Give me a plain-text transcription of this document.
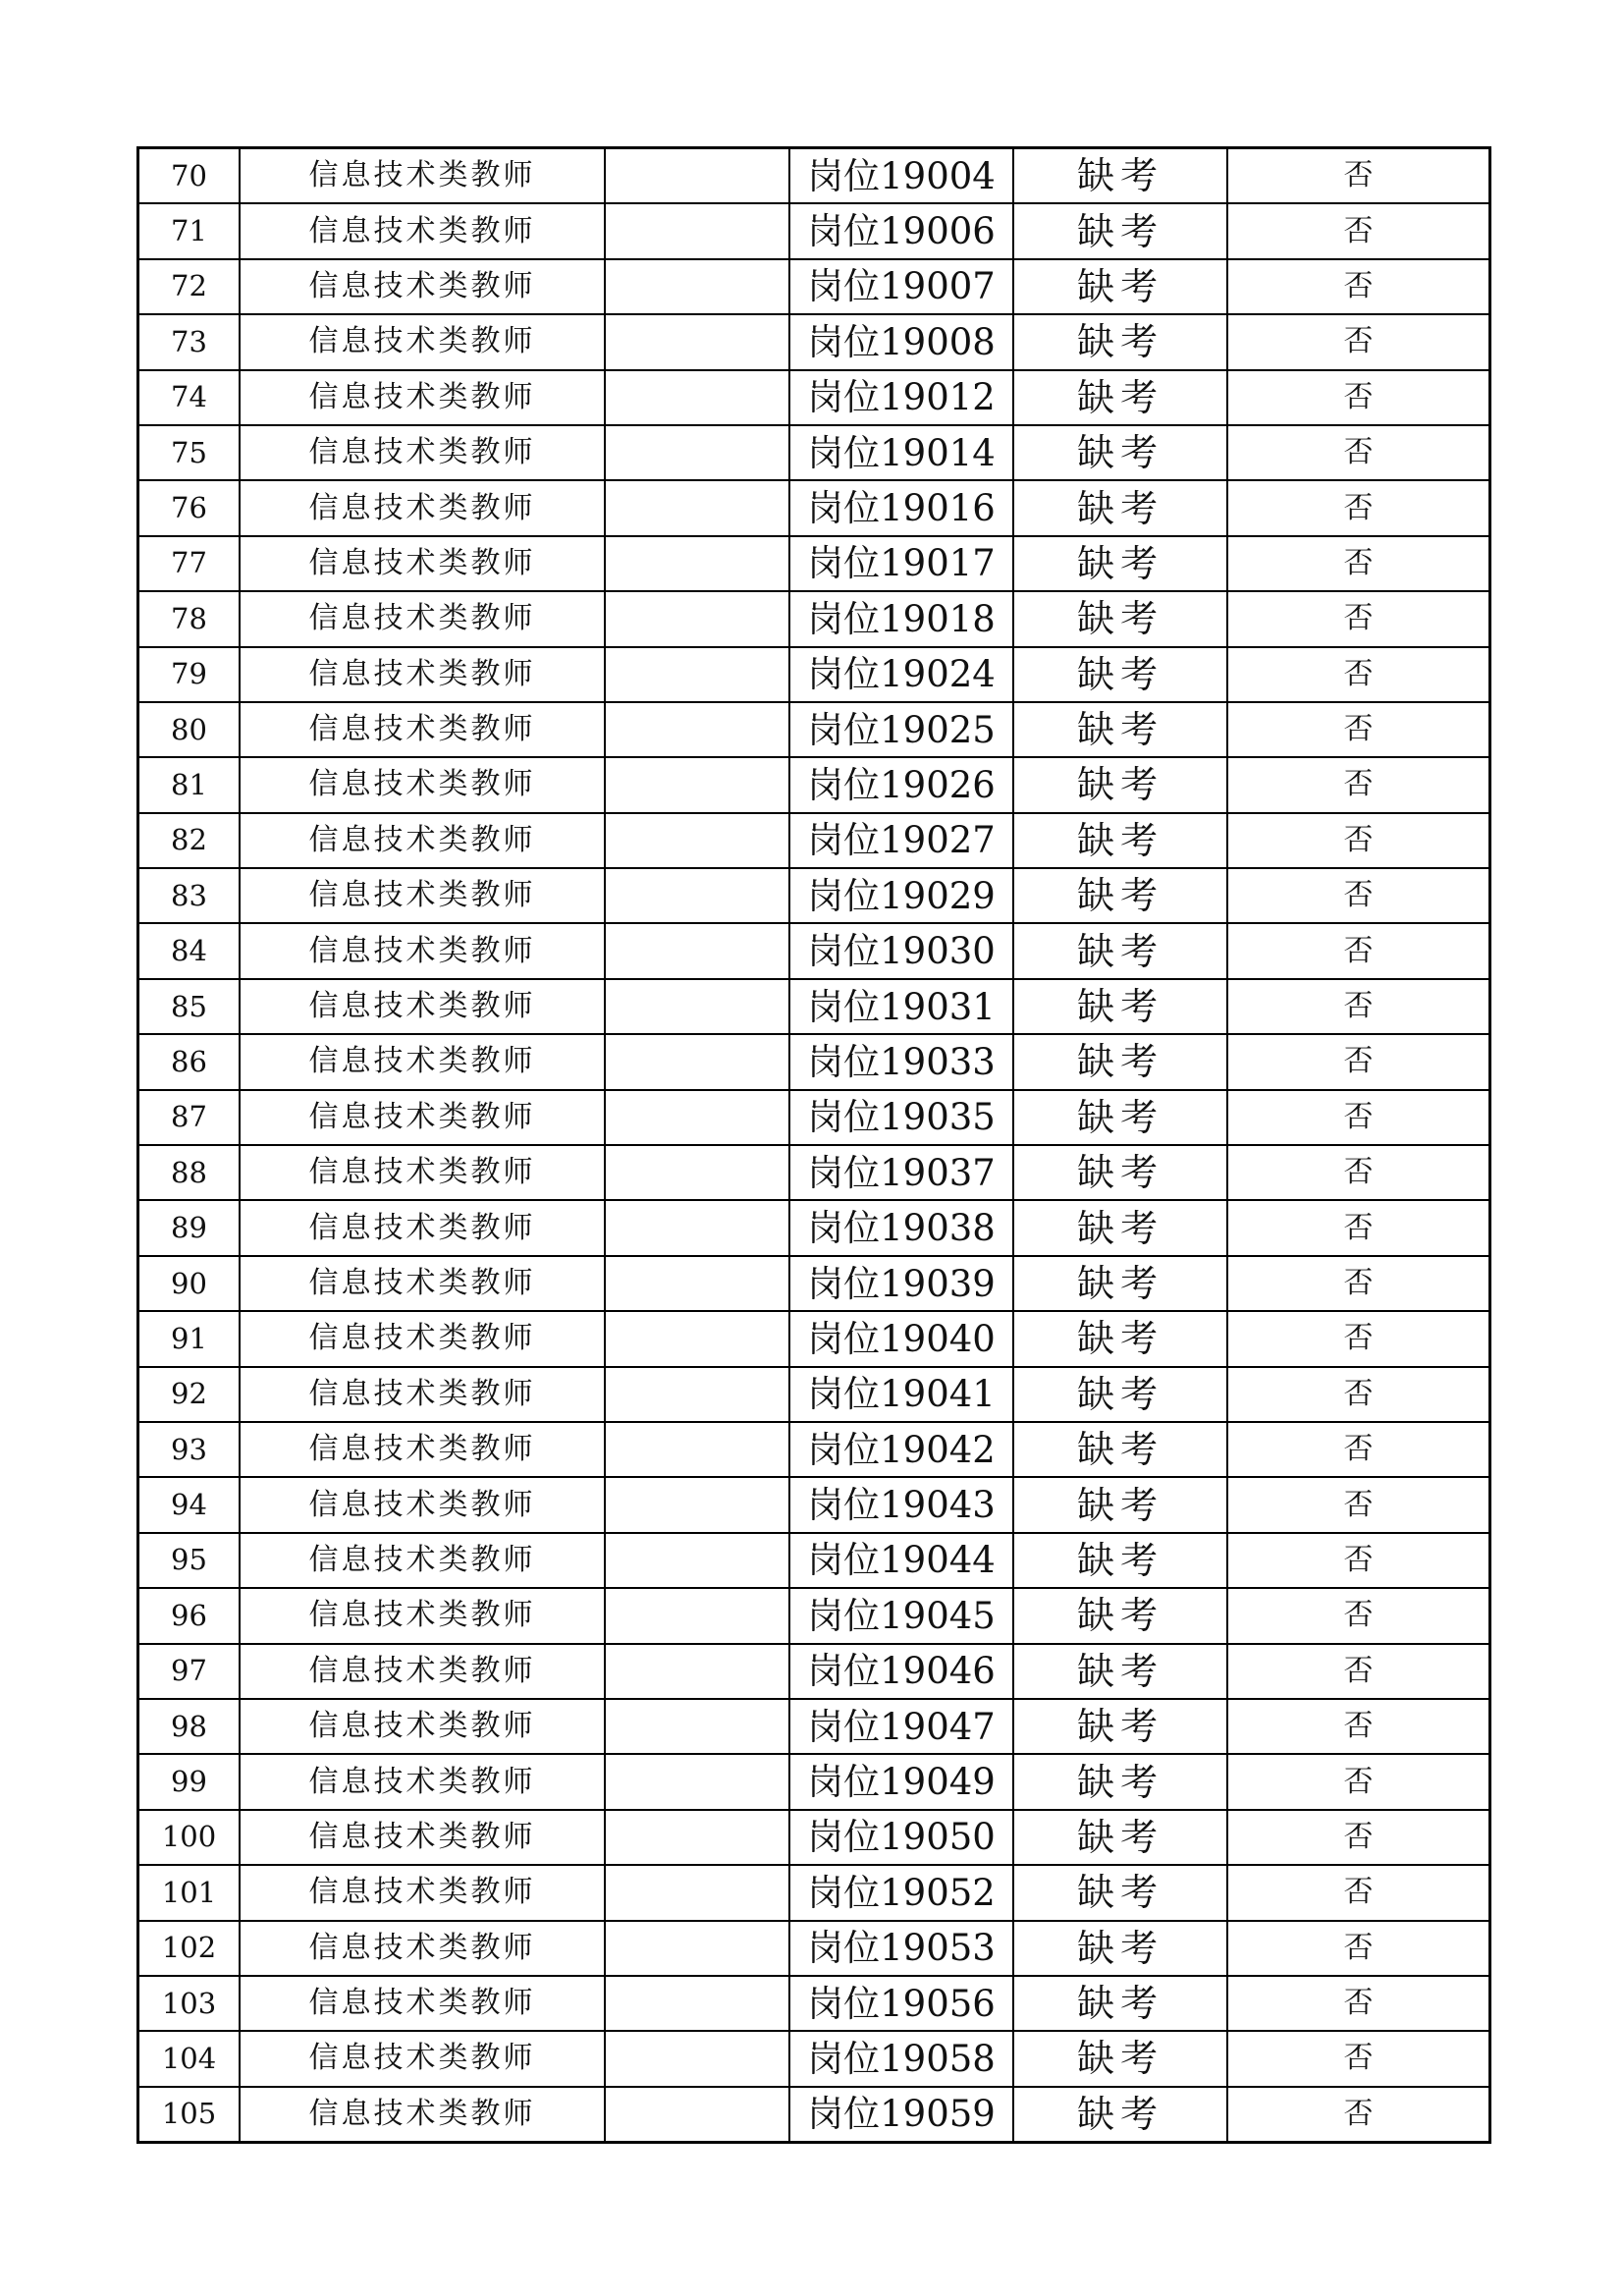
70	信息技术类教师		岗位19004	缺考	否
71	信息技术类教师		岗位19006	缺考	否
72	信息技术类教师		岗位19007	缺考	否
73	信息技术类教师		岗位19008	缺考	否
74	信息技术类教师		岗位19012	缺考	否
75	信息技术类教师		岗位19014	缺考	否
76	信息技术类教师		岗位19016	缺考	否
77	信息技术类教师		岗位19017	缺考	否
78	信息技术类教师		岗位19018	缺考	否
79	信息技术类教师		岗位19024	缺考	否
80	信息技术类教师		岗位19025	缺考	否
81	信息技术类教师		岗位19026	缺考	否
82	信息技术类教师		岗位19027	缺考	否
83	信息技术类教师		岗位19029	缺考	否
84	信息技术类教师		岗位19030	缺考	否
85	信息技术类教师		岗位19031	缺考	否
86	信息技术类教师		岗位19033	缺考	否
87	信息技术类教师		岗位19035	缺考	否
88	信息技术类教师		岗位19037	缺考	否
89	信息技术类教师		岗位19038	缺考	否
90	信息技术类教师		岗位19039	缺考	否
91	信息技术类教师		岗位19040	缺考	否
92	信息技术类教师		岗位19041	缺考	否
93	信息技术类教师		岗位19042	缺考	否
94	信息技术类教师		岗位19043	缺考	否
95	信息技术类教师		岗位19044	缺考	否
96	信息技术类教师		岗位19045	缺考	否
97	信息技术类教师		岗位19046	缺考	否
98	信息技术类教师		岗位19047	缺考	否
99	信息技术类教师		岗位19049	缺考	否
100	信息技术类教师		岗位19050	缺考	否
101	信息技术类教师		岗位19052	缺考	否
102	信息技术类教师		岗位19053	缺考	否
103	信息技术类教师		岗位19056	缺考	否
104	信息技术类教师		岗位19058	缺考	否
105	信息技术类教师		岗位19059	缺考	否
